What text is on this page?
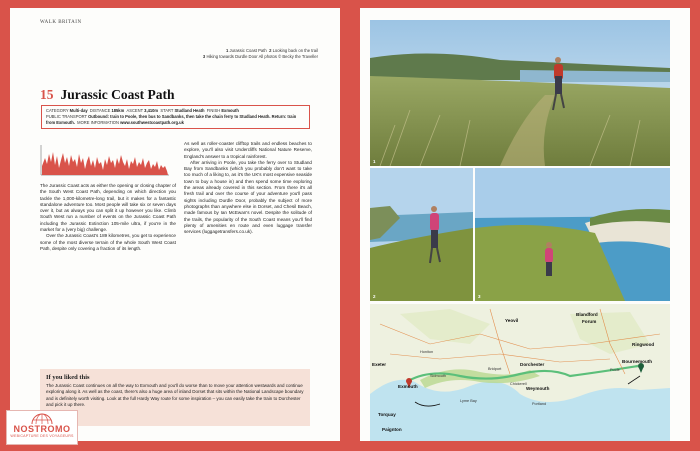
WALK BRITAIN
1 Jurassic Coast Path 2 Looking back on the trail
3 Hiking towards Durdle Door All photos © Becky the Traveller
15 Jurassic Coast Path
CATEGORY Multi-day DISTANCE 185km ASCENT 3,410m START Studland Heath FINISH Exmouth
PUBLIC TRANSPORT Outbound: train to Poole, then bus to Sandbanks, then take the chain ferry to Studland Heath. Return: train from Exmouth. MORE INFORMATION www.southwestcoastpath.org.uk

The Jurassic Coast acts as either the opening or closing chapter of the South West Coast Path, depending on which direction you tackle the 1,000-kilometre-long trail, but it makes for a fantastic standalone adventure too. Most people will take six or seven days over it, but as always you can split it up however you like. Climb South West run a number of events on the Jurassic Coast Path including the Jurassic Extinction 105-mile ultra, if you're in the market for a (very big) challenge.

Over the Jurassic Coast's 189 kilometres, you get to experience some of the most diverse terrain of the whole South West Coast Path, despite only covering a fraction of its length.

As well as roller-coaster clifftop trails and endless beaches to explore, you'll also visit Undercliffs National Nature Reserve, England's answer to a tropical rainforest.

After arriving in Poole, you take the ferry over to Studland Bay from Sandbanks (which you probably don't want to take too much of a liking to, as it's the UK's most expensive seaside town to buy a house in) and then spend some time exploring the areas already covered in this section. From there it's all fresh trail and over the course of your adventure you'll pass sights including Durdle Door, probably the subject of more photographs than anywhere else in Dorset, and Chesil Beach, made famous by Ian McEwan's novel. Despite the solitude of the trails, the popularity of the South Coast means you'll find plenty of amenities en route and even luggage transfer services (luggagetransfers.co.uk).

If you liked this

The Jurassic Coast continues on all the way to Exmouth and you'll do worse than to move your attention westwards and continue exploring along it. As well as the coast, there's also a huge area of inland Dorset that sits within the National Landscape boundary and is definitely worth visiting. Look at the full Hardy Way route for some inspiration – you can easily take the train to Dorchester and pick it up there.

NOSTROMO
WEB/CAPTURE DES VOYAGEURS
1
2	3
Yeovil
Blandford
Forum
Exeter	Dorchester
Bournemouth
Ringwood
Exmouth	Weymouth
Torquay
Paignton
Poole
Lyme Bay
Bridport
Honiton
Chickerell
Portland
Sidmouth
